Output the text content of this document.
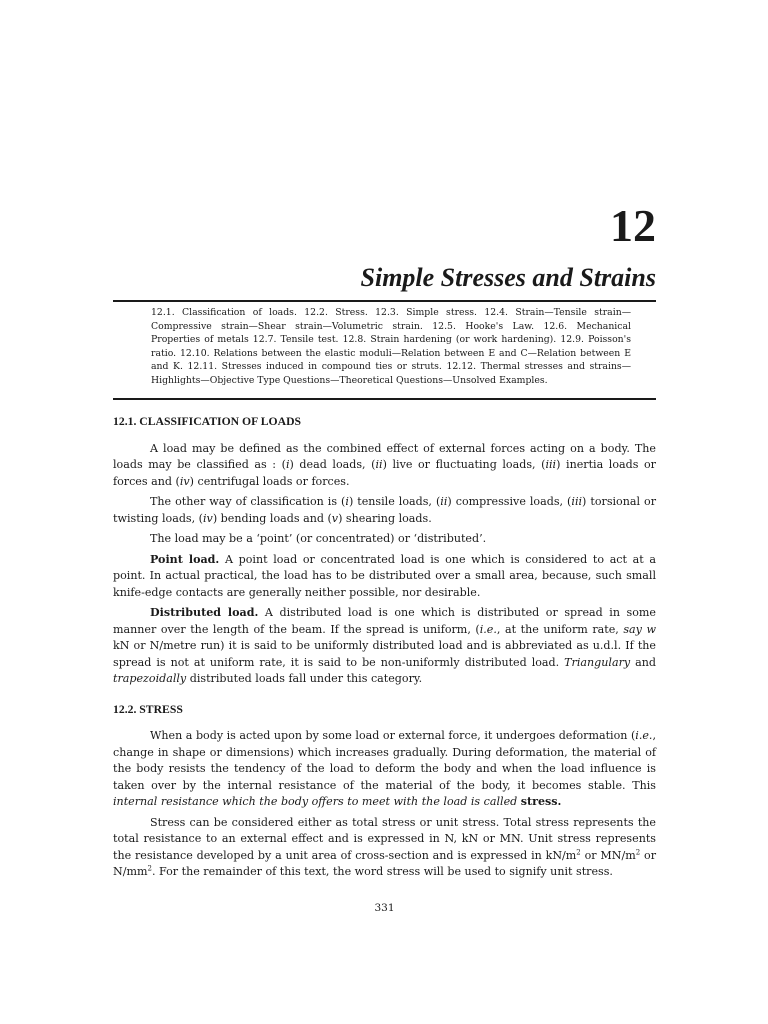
12
Simple Stresses and Strains

12.1. Classification of loads. 12.2. Stress. 12.3. Simple stress. 12.4. Strain—Tensile strain—Compressive strain—Shear strain—Volumetric strain. 12.5. Hooke's Law. 12.6. Mechanical Properties of metals 12.7. Tensile test. 12.8. Strain hardening (or work hardening). 12.9. Poisson's ratio. 12.10. Relations between the elastic moduli—Relation between E and C—Relation between E and K. 12.11. Stresses induced in compound ties or struts. 12.12. Thermal stresses and strains—Highlights—Objective Type Questions—Theoretical Questions—Unsolved Examples.

12.1. CLASSIFICATION OF LOADS

A load may be defined as the combined effect of external forces acting on a body. The loads may be classified as : (i) dead loads, (ii) live or fluctuating loads, (iii) inertia loads or forces and (iv) centrifugal loads or forces.

The other way of classification is (i) tensile loads, (ii) compressive loads, (iii) torsional or twisting loads, (iv) bending loads and (v) shearing loads.

The load may be a ‘point’ (or concentrated) or ‘distributed’.

Point load. A point load or concentrated load is one which is considered to act at a point. In actual practical, the load has to be distributed over a small area, because, such small knife-edge contacts are generally neither possible, nor desirable.

Distributed load. A distributed load is one which is distributed or spread in some manner over the length of the beam. If the spread is uniform, (i.e., at the uniform rate, say w kN or N/metre run) it is said to be uniformly distributed load and is abbreviated as u.d.l. If the spread is not at uniform rate, it is said to be non-uniformly distributed load. Triangulary and trapezoidally distributed loads fall under this category.

12.2. STRESS

When a body is acted upon by some load or external force, it undergoes deformation (i.e., change in shape or dimensions) which increases gradually. During deformation, the material of the body resists the tendency of the load to deform the body and when the load influence is taken over by the internal resistance of the material of the body, it becomes stable. This internal resistance which the body offers to meet with the load is called stress.

Stress can be considered either as total stress or unit stress. Total stress represents the total resistance to an external effect and is expressed in N, kN or MN. Unit stress represents the resistance developed by a unit area of cross-section and is expressed in $kN/m^2$ or $MN/m^2$ or $N/mm^2$. For the remainder of this text, the word stress will be used to signify unit stress.

331
